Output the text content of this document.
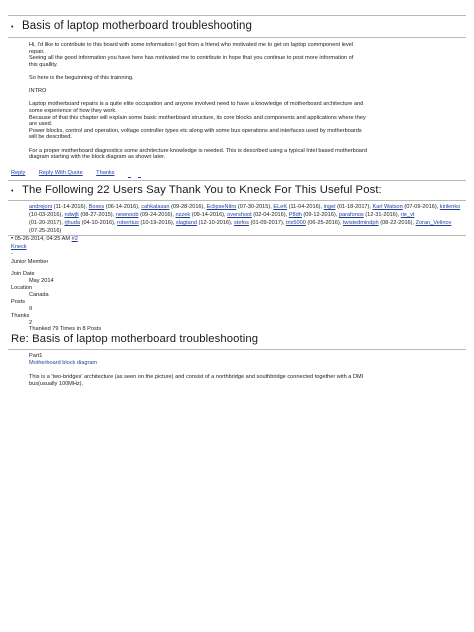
• Basis of laptop motherboard troubleshooting
Hi, I'd like to contribute to this board with some information I got from a friend who motivated me to get on laptop commponent level
repair.
Seeing all the good information you have here has motivated me to contribute in hope that you continue to post more information of
this quallity.
So here is the beguinning of this trainning.
INTRO
Laptop motherboard repairs is a quite elite occupation and anyone involved need to have a knowledge of motherboard architecture and
some experience of how they work.
Because of that this chapter will explain some basic motherboard structure, its core blocks and components and applications where they
are used.
Power blocks, control and operation, voltage controller types etc along with some bus operations and interfaces used by motherboards
will be described.
For a proper motherboard diagnostics some architecture knowledge is needed. This is described using a typical Intel based motherboard
diagram starting with the block diagram as shown later.
Reply Reply With Quote Thanks
• The Following 22 Users Say Thank You to Kneck For This Useful Post:
andrejoni (11-14-2016), Boxes (06-14-2016), cahkalasan (09-28-2016), EclipseNitro (07-30-2015), ELeK (11-04-2016), ingel (01-18-2017), Karl Watson (07-09-2016), kirilenko (10-03-2016), ndwjlt (08-27-2015), newnoob (09-24-2016), nzzek (09-14-2016), overshoot (02-04-2016), P8dh (09-12-2016), parafonos (12-31-2016), rie_vt (01-20-2017), rjhuda (04-10-2016), robertius (10-19-2016), slagtand (12-10-2016), stefos (01-09-2017), trix5000 (06-25-2016), twistedmindph (08-22-2016), Zoran_Velinov (07-25-2016)
• 05-26-2014, 04:25 AM #2
Kneck
-
Junior Member
Join Date
May 2014
Location
Canada
Posts
9
Thanks
2
Thanked 79 Times in 8 Posts
Re: Basis of laptop motherboard troubleshooting
Part1
Motherboard block diagram
This is a 'two-bridges' architecture (as seen on the picture) and consist of a northbridge and southbridge connected together with a DMI
bus(usually 100MHz).
